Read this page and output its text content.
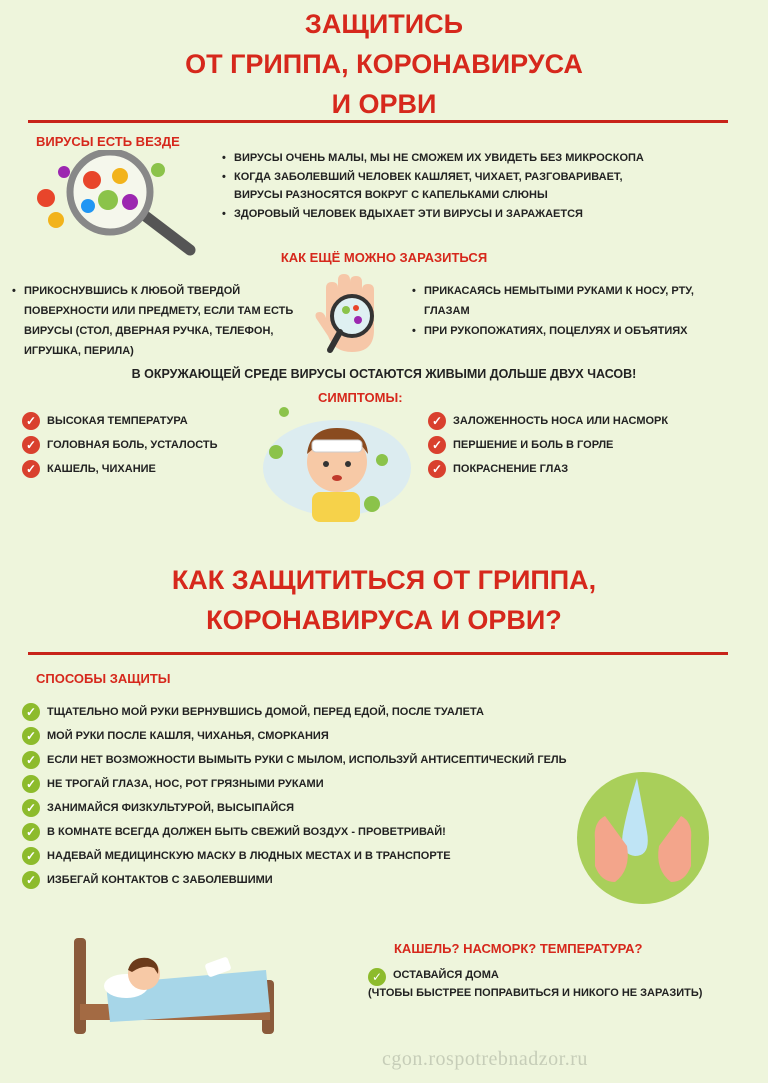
ЗАЩИТИСЬ
ОТ ГРИППА, КОРОНАВИРУСА
И ОРВИ
ВИРУСЫ ЕСТЬ ВЕЗДЕ
• ВИРУСЫ ОЧЕНЬ МАЛЫ, МЫ НЕ СМОЖЕМ ИХ УВИДЕТЬ БЕЗ МИКРОСКОПА
• КОГДА ЗАБОЛЕВШИЙ ЧЕЛОВЕК КАШЛЯЕТ, ЧИХАЕТ, РАЗГОВАРИВАЕТ, ВИРУСЫ РАЗНОСЯТСЯ ВОКРУГ С КАПЕЛЬКАМИ СЛЮНЫ
• ЗДОРОВЫЙ ЧЕЛОВЕК ВДЫХАЕТ ЭТИ ВИРУСЫ И ЗАРАЖАЕТСЯ
КАК ЕЩЁ МОЖНО ЗАРАЗИТЬСЯ
• ПРИКОСНУВШИСЬ К ЛЮБОЙ ТВЕРДОЙ ПОВЕРХНОСТИ ИЛИ ПРЕДМЕТУ, ЕСЛИ ТАМ ЕСТЬ ВИРУСЫ (СТОЛ, ДВЕРНАЯ РУЧКА, ТЕЛЕФОН, ИГРУШКА, ПЕРИЛА)
• ПРИКАСАЯСЬ НЕМЫТЫМИ РУКАМИ К НОСУ, РТУ, ГЛАЗАМ
• ПРИ РУКОПОЖАТИЯХ, ПОЦЕЛУЯХ И ОБЪЯТИЯХ
В ОКРУЖАЮЩЕЙ СРЕДЕ ВИРУСЫ ОСТАЮТСЯ ЖИВЫМИ ДОЛЬШЕ ДВУХ ЧАСОВ!
СИМПТОМЫ:
✓ ВЫСОКАЯ ТЕМПЕРАТУРА
✓ ГОЛОВНАЯ БОЛЬ, УСТАЛОСТЬ
✓ КАШЕЛЬ, ЧИХАНИЕ
✓ ЗАЛОЖЕННОСТЬ НОСА ИЛИ НАСМОРК
✓ ПЕРШЕНИЕ И БОЛЬ В ГОРЛЕ
✓ ПОКРАСНЕНИЕ ГЛАЗ
КАК ЗАЩИТИТЬСЯ ОТ ГРИППА,
КОРОНАВИРУСА И ОРВИ?
СПОСОБЫ ЗАЩИТЫ
✓ ТЩАТЕЛЬНО МОЙ РУКИ ВЕРНУВШИСЬ ДОМОЙ, ПЕРЕД ЕДОЙ, ПОСЛЕ ТУАЛЕТА
✓ МОЙ РУКИ ПОСЛЕ КАШЛЯ, ЧИХАНЬЯ, СМОРКАНИЯ
✓ ЕСЛИ НЕТ ВОЗМОЖНОСТИ ВЫМЫТЬ РУКИ С МЫЛОМ, ИСПОЛЬЗУЙ АНТИСЕПТИЧЕСКИЙ ГЕЛЬ
✓ НЕ ТРОГАЙ ГЛАЗА, НОС, РОТ ГРЯЗНЫМИ РУКАМИ
✓ ЗАНИМАЙСЯ ФИЗКУЛЬТУРОЙ, ВЫСЫПАЙСЯ
✓ В КОМНАТЕ ВСЕГДА ДОЛЖЕН БЫТЬ СВЕЖИЙ ВОЗДУХ - ПРОВЕТРИВАЙ!
✓ НАДЕВАЙ МЕДИЦИНСКУЮ МАСКУ В ЛЮДНЫХ МЕСТАХ И В ТРАНСПОРТЕ
✓ ИЗБЕГАЙ КОНТАКТОВ С ЗАБОЛЕВШИМИ
КАШЕЛЬ? НАСМОРК? ТЕМПЕРАТУРА?
✓ ОСТАВАЙСЯ ДОМА
(ЧТОБЫ БЫСТРЕЕ ПОПРАВИТЬСЯ И НИКОГО НЕ ЗАРАЗИТЬ)
cgon.rospotrebnadzor.ru
